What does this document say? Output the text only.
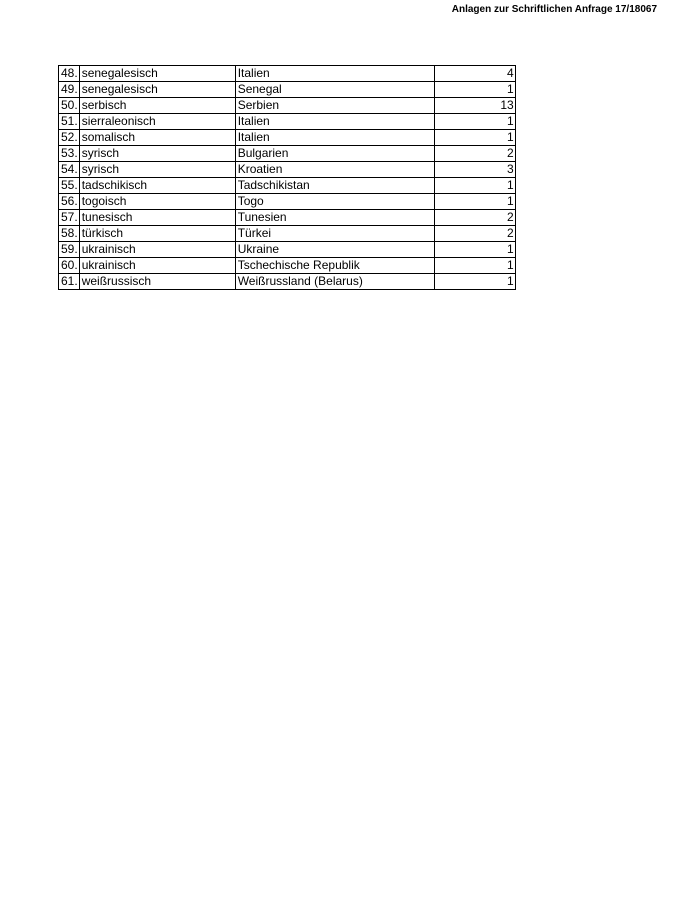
Anlagen zur Schriftlichen Anfrage 17/18067
48.	senegalesisch	Italien	4
49.	senegalesisch	Senegal	1
50.	serbisch	Serbien	13
51.	sierraleonisch	Italien	1
52.	somalisch	Italien	1
53.	syrisch	Bulgarien	2
54.	syrisch	Kroatien	3
55.	tadschikisch	Tadschikistan	1
56.	togoisch	Togo	1
57.	tunesisch	Tunesien	2
58.	türkisch	Türkei	2
59.	ukrainisch	Ukraine	1
60.	ukrainisch	Tschechische Republik	1
61.	weißrussisch	Weißrussland (Belarus)	1
